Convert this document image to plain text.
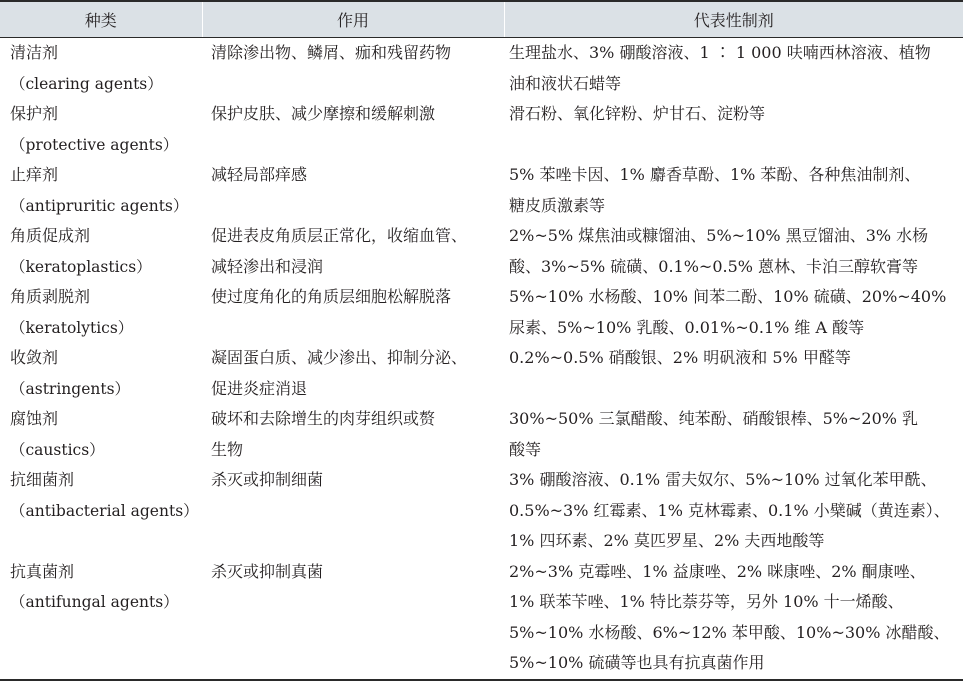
种类	作用	代表性制剂

清洁剂
（clearing agents）	清除渗出物、鳞屑、痂和残留药物	生理盐水、3% 硼酸溶液、1 ∶ 1 000 呋喃西林溶液、植物
油和液状石蜡等

保护剂
（protective agents）	保护皮肤、减少摩擦和缓解刺激	滑石粉、氧化锌粉、炉甘石、淀粉等

止痒剂
（antipruritic agents）	减轻局部痒感	5% 苯唑卡因、1% 麝香草酚、1% 苯酚、各种焦油制剂、
糖皮质激素等

角质促成剂
（keratoplastics）	促进表皮角质层正常化，收缩血管、
减轻渗出和浸润	2%~5% 煤焦油或糠馏油、5%~10% 黑豆馏油、3% 水杨
酸、3%~5% 硫磺、0.1%~0.5% 蒽林、卡泊三醇软膏等

角质剥脱剂
（keratolytics）	使过度角化的角质层细胞松解脱落	5%~10% 水杨酸、10% 间苯二酚、10% 硫磺、20%~40%
尿素、5%~10% 乳酸、0.01%~0.1% 维 A 酸等

收敛剂
（astringents）	凝固蛋白质、减少渗出、抑制分泌、
促进炎症消退	0.2%~0.5% 硝酸银、2% 明矾液和 5% 甲醛等

腐蚀剂
（caustics）	破坏和去除增生的肉芽组织或赘
生物	30%~50% 三氯醋酸、纯苯酚、硝酸银棒、5%~20% 乳
酸等

抗细菌剂
（antibacterial agents）	杀灭或抑制细菌	3% 硼酸溶液、0.1% 雷夫奴尔、5%~10% 过氧化苯甲酰、
0.5%~3% 红霉素、1% 克林霉素、0.1% 小檗碱（黄连素）、
1% 四环素、2% 莫匹罗星、2% 夫西地酸等

抗真菌剂
（antifungal agents）	杀灭或抑制真菌	2%~3% 克霉唑、1% 益康唑、2% 咪康唑、2% 酮康唑、
1% 联苯苄唑、1% 特比萘芬等，另外 10% 十一烯酸、
5%~10% 水杨酸、6%~12% 苯甲酸、10%~30% 冰醋酸、
5%~10% 硫磺等也具有抗真菌作用
